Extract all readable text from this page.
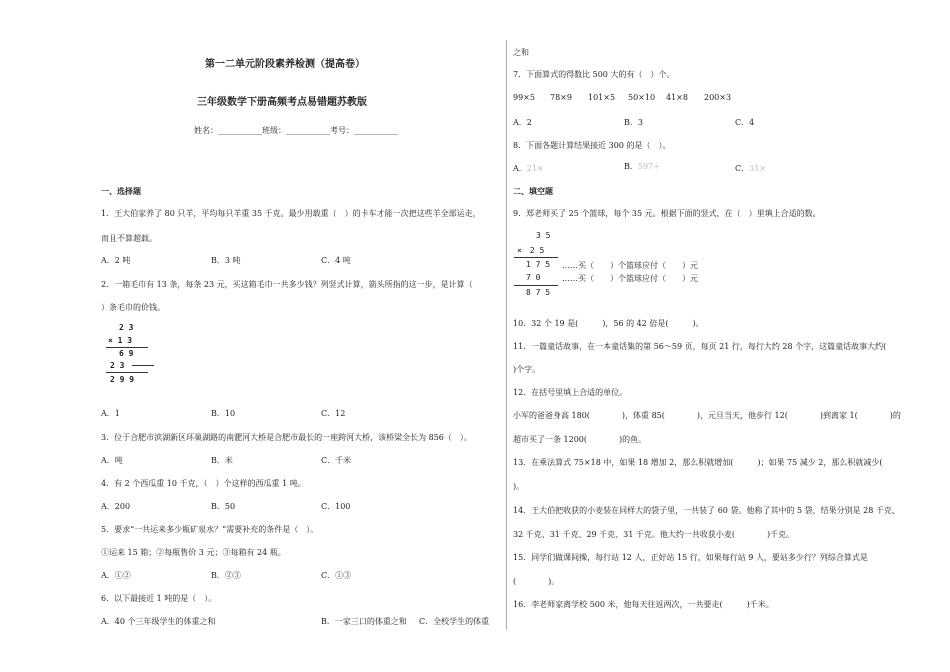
第一二单元阶段素养检测（提高卷）
三年级数学下册高频考点易错题苏教版
姓名：___________班级：___________考号：___________
一、选择题
1．王大伯家养了 80 只羊，平均每只羊重 35 千克。最少用载重（　）的卡车才能一次把这些羊全部运走，
而且不算超载。
A．2 吨	B．3 吨	C．4 吨
2．一箱毛巾有 13 条，每条 23 元，买这箱毛巾一共多少钱？列竖式计算，箭头所指的这一步，是计算（
）条毛巾的价钱。
2 3
× 1 3
6 9
2 3
2 9 9
A．1	B．10	C．12
3．位于合肥市滨湖新区环巢湖路的南淝河大桥是合肥市最长的一座跨河大桥，该桥梁全长为 856（　）。
A．吨	B．米	C．千米
4．有 2 个西瓜重 10 千克，（　）个这样的西瓜重 1 吨。
A．200	B．50	C．100
5．要求“一共运来多少瓶矿泉水？”需要补充的条件是（　）。
①运来 15 箱；②每瓶售价 3 元；③每箱有 24 瓶。
A．①②	B．②③	C．①③
6．以下最接近 1 吨的是（　）。
A．40 个三年级学生的体重之和	B．一家三口的体重之和 C．全校学生的体重
之和
7．下面算式的得数比 500 大的有（　）个。
99×5 78×9 101×5 50×10 41×8 200×3
A．2	B．3	C．4
8．下面各题计算结果接近 300 的是（　）。
A．21×	B．597÷	C．31×
二、填空题
9．郑老师买了 25 个篮球，每个 35 元。根据下面的竖式，在（　）里填上合适的数。
3 5
×　2 5
1 7 5
7 0
8 7 5
……买（　　）个篮球应付（　　）元
……买（　　）个篮球应付（　　）元
10．32 个 19 是(　　　)，56 的 42 倍是(　　　)。
11．一篇童话故事，在一本童话集的第 56～59 页，每页 21 行，每行大约 28 个字，这篇童话故事大约(
)个字。
12．在括号里填上合适的单位。
小军的爸爸身高 180(　　　　)，体重 85(　　　　)，元旦当天，他步行 12(　　　　)到离家 1(　　　　)的
超市买了一条 1200(　　　　)的鱼。
13．在乘法算式 75×18 中，如果 18 增加 2，那么积就增加(　　　)；如果 75 减少 2，那么积就减少(
)。
14．王大伯把收获的小麦装在同样大的袋子里，一共装了 60 袋。他称了其中的 5 袋，结果分别是 28 千克、
32 千克、31 千克、29 千克、31 千克。他大约一共收获小麦(　　　　)千克。
15．同学们做课间操，每行站 12 人，正好站 15 行，如果每行站 9 人，要站多少行？列综合算式是
(　　　　)。
16．李老师家离学校 500 米，他每天往返两次，一共要走(　　　)千米。
